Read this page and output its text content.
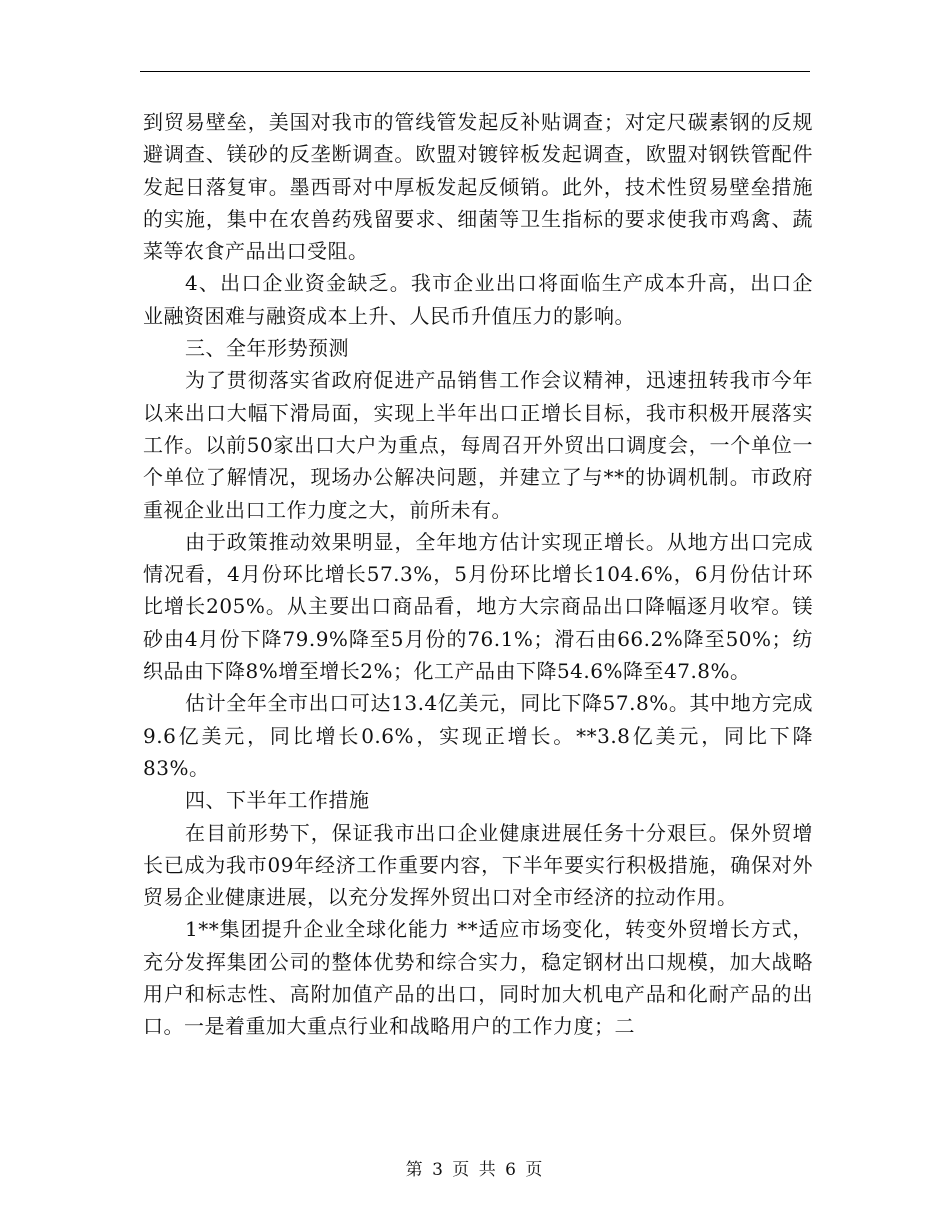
到贸易壁垒，美国对我市的管线管发起反补贴调查；对定尺碳素钢的反规避调查、镁砂的反垄断调查。欧盟对镀锌板发起调查，欧盟对钢铁管配件发起日落复审。墨西哥对中厚板发起反倾销。此外，技术性贸易壁垒措施的实施，集中在农兽药残留要求、细菌等卫生指标的要求使我市鸡禽、蔬菜等农食产品出口受阻。

4、出口企业资金缺乏。我市企业出口将面临生产成本升高，出口企业融资困难与融资成本上升、人民币升值压力的影响。

三、全年形势预测

为了贯彻落实省政府促进产品销售工作会议精神，迅速扭转我市今年以来出口大幅下滑局面，实现上半年出口正增长目标，我市积极开展落实工作。以前50家出口大户为重点，每周召开外贸出口调度会，一个单位一个单位了解情况，现场办公解决问题，并建立了与**的协调机制。市政府重视企业出口工作力度之大，前所未有。

由于政策推动效果明显，全年地方估计实现正增长。从地方出口完成情况看，4月份环比增长57.3%，5月份环比增长104.6%，6月份估计环比增长205%。从主要出口商品看，地方大宗商品出口降幅逐月收窄。镁砂由4月份下降79.9%降至5月份的76.1%；滑石由66.2%降至50%；纺织品由下降8%增至增长2%；化工产品由下降54.6%降至47.8%。

估计全年全市出口可达13.4亿美元，同比下降57.8%。其中地方完成9.6亿美元，同比增长0.6%，实现正增长。**3.8亿美元，同比下降83%。

四、下半年工作措施

在目前形势下，保证我市出口企业健康进展任务十分艰巨。保外贸增长已成为我市09年经济工作重要内容，下半年要实行积极措施，确保对外贸易企业健康进展，以充分发挥外贸出口对全市经济的拉动作用。

1**集团提升企业全球化能力 **适应市场变化，转变外贸增长方式，充分发挥集团公司的整体优势和综合实力，稳定钢材出口规模，加大战略用户和标志性、高附加值产品的出口，同时加大机电产品和化耐产品的出口。一是着重加大重点行业和战略用户的工作力度；二

第 3 页 共 6 页
